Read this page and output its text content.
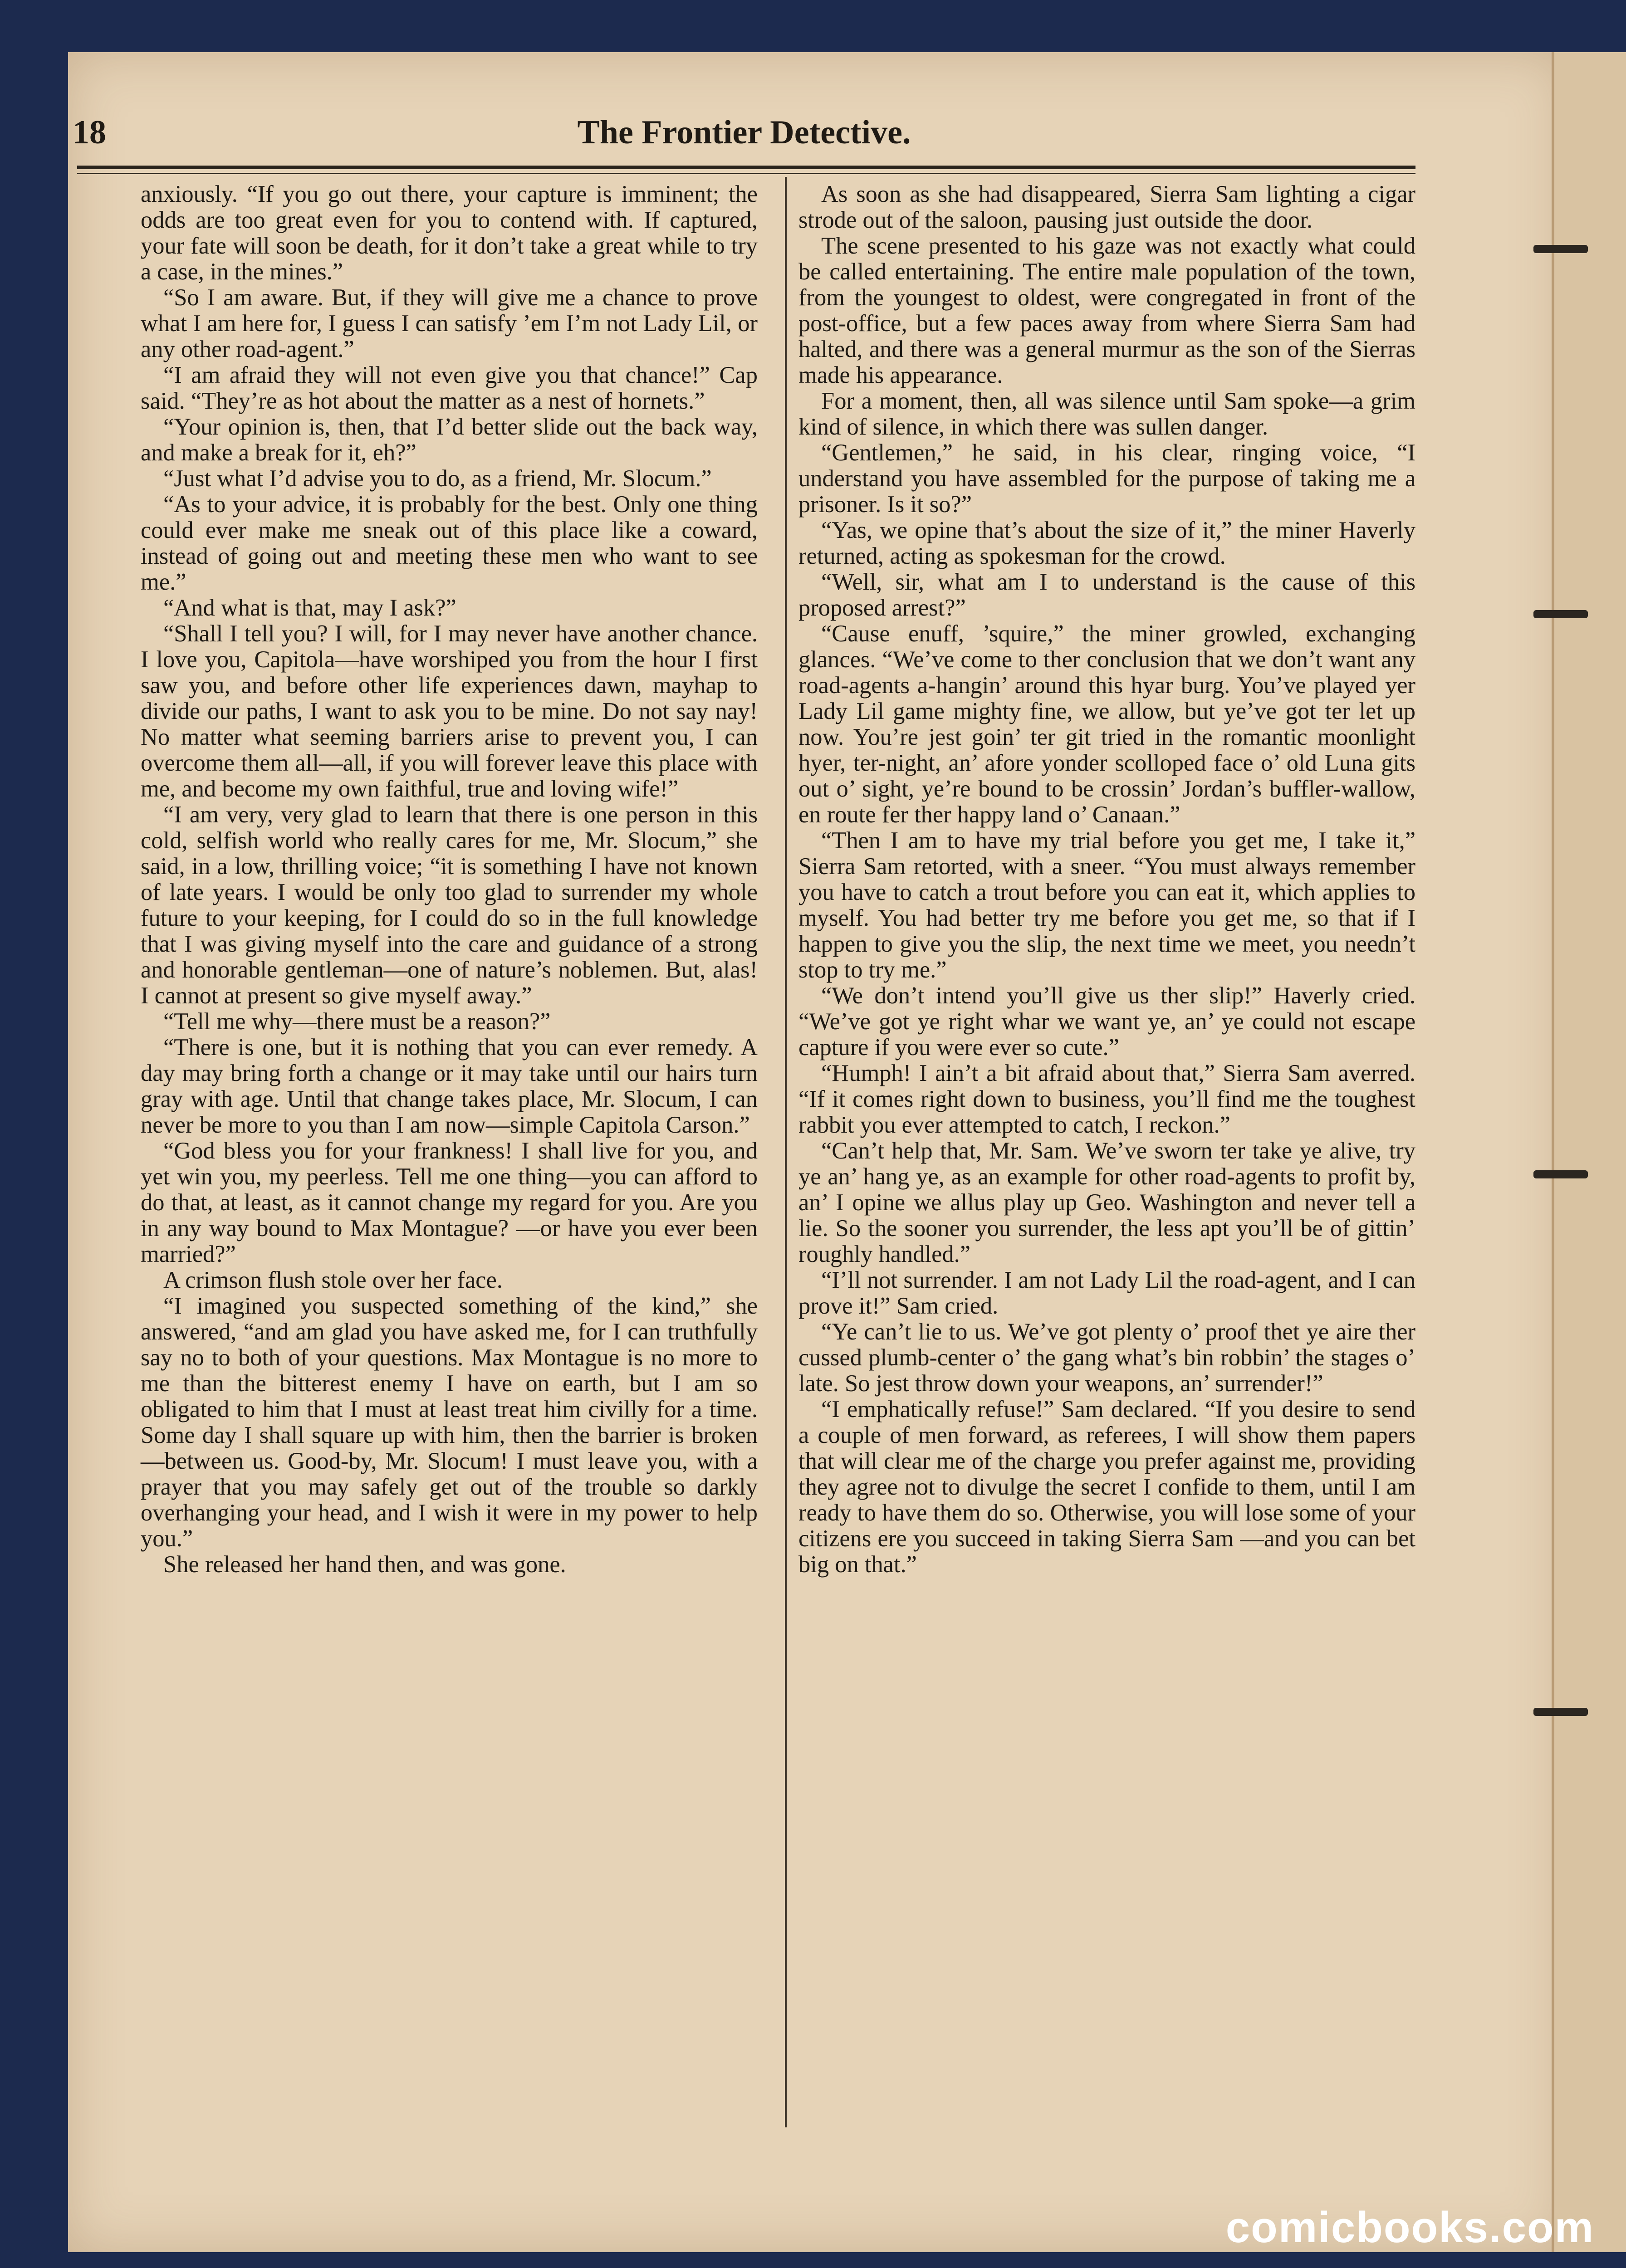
18	The Frontier Detective.

anxiously. “If you go out there, your capture is imminent; the odds are too great even for you to contend with. If captured, your fate will soon be death, for it don’t take a great while to try a case, in the mines.”

“So I am aware. But, if they will give me a chance to prove what I am here for, I guess I can satisfy ’em I’m not Lady Lil, or any other road-agent.”

“I am afraid they will not even give you that chance!” Cap said. “They’re as hot about the matter as a nest of hornets.”

“Your opinion is, then, that I’d better slide out the back way, and make a break for it, eh?”

“Just what I’d advise you to do, as a friend, Mr. Slocum.”

“As to your advice, it is probably for the best. Only one thing could ever make me sneak out of this place like a coward, instead of going out and meeting these men who want to see me.”

“And what is that, may I ask?”

“Shall I tell you? I will, for I may never have another chance. I love you, Capitola—have worshiped you from the hour I first saw you, and before other life experiences dawn, mayhap to divide our paths, I want to ask you to be mine. Do not say nay! No matter what seeming barriers arise to prevent you, I can overcome them all—all, if you will forever leave this place with me, and become my own faithful, true and loving wife!”

“I am very, very glad to learn that there is one person in this cold, selfish world who really cares for me, Mr. Slocum,” she said, in a low, thrilling voice; “it is something I have not known of late years. I would be only too glad to surrender my whole future to your keeping, for I could do so in the full knowledge that I was giving myself into the care and guidance of a strong and honorable gentleman—one of nature’s noblemen. But, alas! I cannot at present so give myself away.”

“Tell me why—there must be a reason?”

“There is one, but it is nothing that you can ever remedy. A day may bring forth a change or it may take until our hairs turn gray with age. Until that change takes place, Mr. Slocum, I can never be more to you than I am now—simple Capitola Carson.”

“God bless you for your frankness! I shall live for you, and yet win you, my peerless. Tell me one thing—you can afford to do that, at least, as it cannot change my regard for you. Are you in any way bound to Max Montague? —or have you ever been married?”

A crimson flush stole over her face.

“I imagined you suspected something of the kind,” she answered, “and am glad you have asked me, for I can truthfully say no to both of your questions. Max Montague is no more to me than the bitterest enemy I have on earth, but I am so obligated to him that I must at least treat him civilly for a time. Some day I shall square up with him, then the barrier is broken—between us. Good-by, Mr. Slocum! I must leave you, with a prayer that you may safely get out of the trouble so darkly overhanging your head, and I wish it were in my power to help you.”

She released her hand then, and was gone.

As soon as she had disappeared, Sierra Sam lighting a cigar strode out of the saloon, pausing just outside the door.

The scene presented to his gaze was not exactly what could be called entertaining. The entire male population of the town, from the youngest to oldest, were congregated in front of the post-office, but a few paces away from where Sierra Sam had halted, and there was a general murmur as the son of the Sierras made his appearance.

For a moment, then, all was silence until Sam spoke—a grim kind of silence, in which there was sullen danger.

“Gentlemen,” he said, in his clear, ringing voice, “I understand you have assembled for the purpose of taking me a prisoner. Is it so?”

“Yas, we opine that’s about the size of it,” the miner Haverly returned, acting as spokesman for the crowd.

“Well, sir, what am I to understand is the cause of this proposed arrest?”

“Cause enuff, ’squire,” the miner growled, exchanging glances. “We’ve come to ther conclusion that we don’t want any road-agents a-hangin’ around this hyar burg. You’ve played yer Lady Lil game mighty fine, we allow, but ye’ve got ter let up now. You’re jest goin’ ter git tried in the romantic moonlight hyer, ter-night, an’ afore yonder scolloped face o’ old Luna gits out o’ sight, ye’re bound to be crossin’ Jordan’s buffler-wallow, en route fer ther happy land o’ Canaan.”

“Then I am to have my trial before you get me, I take it,” Sierra Sam retorted, with a sneer. “You must always remember you have to catch a trout before you can eat it, which applies to myself. You had better try me before you get me, so that if I happen to give you the slip, the next time we meet, you needn’t stop to try me.”

“We don’t intend you’ll give us ther slip!” Haverly cried. “We’ve got ye right whar we want ye, an’ ye could not escape capture if you were ever so cute.”

“Humph! I ain’t a bit afraid about that,” Sierra Sam averred. “If it comes right down to business, you’ll find me the toughest rabbit you ever attempted to catch, I reckon.”

“Can’t help that, Mr. Sam. We’ve sworn ter take ye alive, try ye an’ hang ye, as an example for other road-agents to profit by, an’ I opine we allus play up Geo. Washington and never tell a lie. So the sooner you surrender, the less apt you’ll be of gittin’ roughly handled.”

“I’ll not surrender. I am not Lady Lil the road-agent, and I can prove it!” Sam cried.

“Ye can’t lie to us. We’ve got plenty o’ proof thet ye aire ther cussed plumb-center o’ the gang what’s bin robbin’ the stages o’ late. So jest throw down your weapons, an’ surrender!”

“I emphatically refuse!” Sam declared. “If you desire to send a couple of men forward, as referees, I will show them papers that will clear me of the charge you prefer against me, providing they agree not to divulge the secret I confide to them, until I am ready to have them do so. Otherwise, you will lose some of your citizens ere you succeed in taking Sierra Sam —and you can bet big on that.”

comicbooks.com
